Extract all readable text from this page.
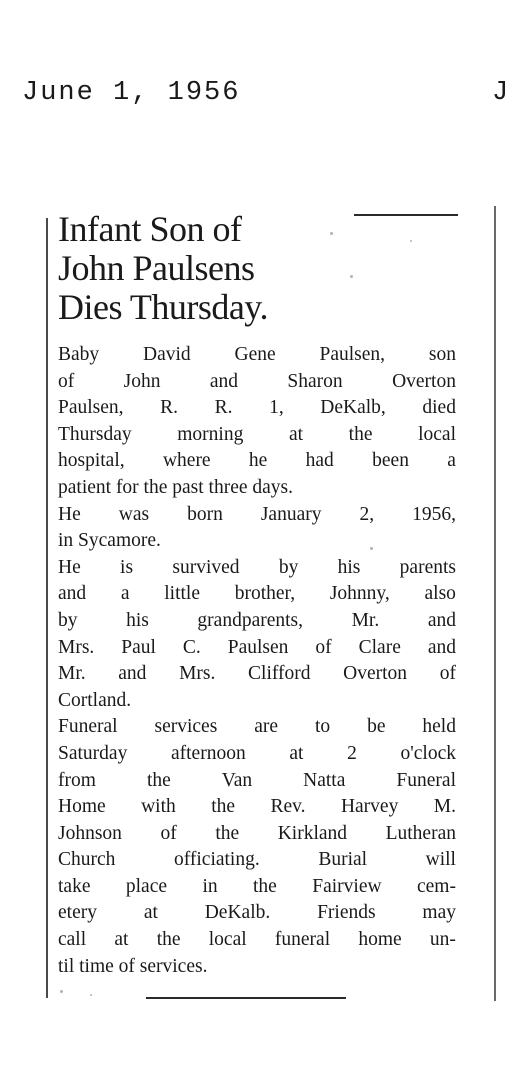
June 1, 1956	J
Infant Son of
John Paulsens
Dies Thursday.
Baby David Gene Paulsen, son
of	John	and	Sharon	Overton
Paulsen, R. R. 1, DeKalb, died
Thursday morning at the local
hospital, where he had been a
patient for the past three days.
He was born January 2, 1956,
in Sycamore.
He is survived by his parents
and a little brother, Johnny, also
by his grandparents, Mr. and
Mrs. Paul C. Paulsen of Clare and
Mr. and Mrs. Clifford Overton of
Cortland.
Funeral services are to be held
Saturday afternoon at 2 o'clock
from	the	Van	Natta	Funeral
Home with the Rev. Harvey M.
Johnson of the Kirkland Lutheran
Church	officiating.	Burial	will
take place in the Fairview cem-
etery at DeKalb. Friends may
call at the local funeral home un-
til time of services.
